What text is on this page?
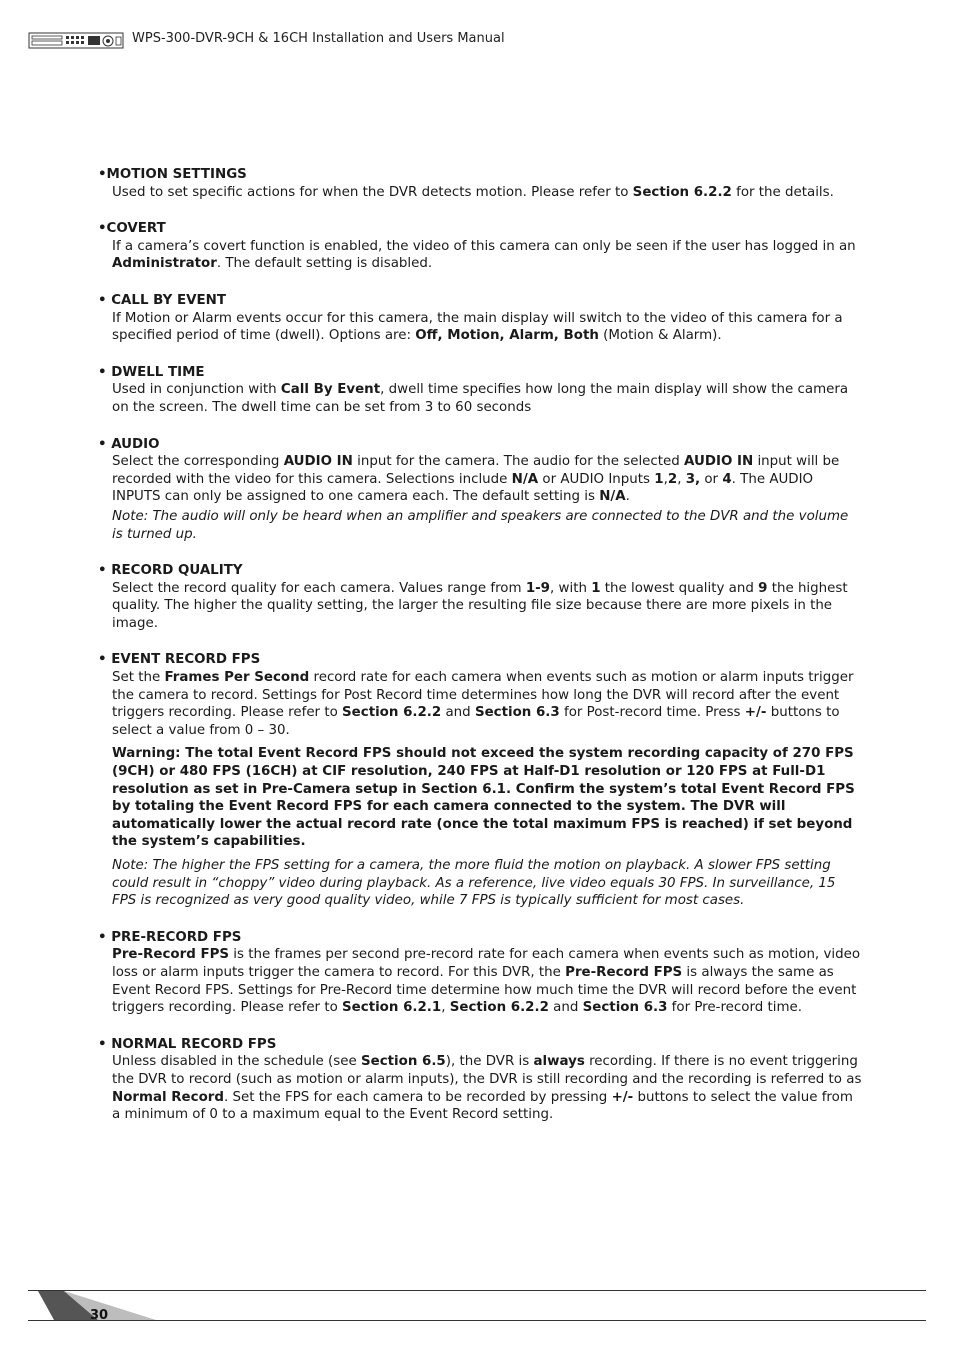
WPS-300-DVR-9CH & 16CH Installation and Users Manual
•MOTION SETTINGS

Used to set specific actions for when the DVR detects motion. Please refer to Section 6.2.2 for the details.

•COVERT

If a camera’s covert function is enabled, the video of this camera can only be seen if the user has logged in an Administrator. The default setting is disabled.

• CALL BY EVENT

If Motion or Alarm events occur for this camera, the main display will switch to the video of this camera for a specified period of time (dwell). Options are: Off, Motion, Alarm, Both (Motion & Alarm).

• DWELL TIME

Used in conjunction with Call By Event, dwell time specifies how long the main display will show the camera on the screen. The dwell time can be set from 3 to 60 seconds

• AUDIO

Select the corresponding AUDIO IN input for the camera. The audio for the selected AUDIO IN input will be recorded with the video for this camera. Selections include N/A or AUDIO Inputs 1,2, 3, or 4. The AUDIO INPUTS can only be assigned to one camera each. The default setting is N/A.

Note: The audio will only be heard when an amplifier and speakers are connected to the DVR and the volume is turned up.

• RECORD QUALITY

Select the record quality for each camera. Values range from 1-9, with 1 the lowest quality and 9 the highest quality. The higher the quality setting, the larger the resulting file size because there are more pixels in the image.

• EVENT RECORD FPS

Set the Frames Per Second record rate for each camera when events such as motion or alarm inputs trigger the camera to record. Settings for Post Record time determines how long the DVR will record after the event triggers recording. Please refer to Section 6.2.2 and Section 6.3 for Post-record time. Press +/- buttons to select a value from 0 – 30.

Warning: The total Event Record FPS should not exceed the system recording capacity of 270 FPS (9CH) or 480 FPS (16CH) at CIF resolution, 240 FPS at Half-D1 resolution or 120 FPS at Full-D1 resolution as set in Pre-Camera setup in Section 6.1. Confirm the system’s total Event Record FPS by totaling the Event Record FPS for each camera connected to the system. The DVR will automatically lower the actual record rate (once the total maximum FPS is reached) if set beyond the system’s capabilities.

Note: The higher the FPS setting for a camera, the more fluid the motion on playback. A slower FPS setting could result in “choppy” video during playback. As a reference, live video equals 30 FPS. In surveillance, 15 FPS is recognized as very good quality video, while 7 FPS is typically sufficient for most cases.

• PRE-RECORD FPS

Pre-Record FPS is the frames per second pre-record rate for each camera when events such as motion, video loss or alarm inputs trigger the camera to record. For this DVR, the Pre-Record FPS is always the same as Event Record FPS. Settings for Pre-Record time determine how much time the DVR will record before the event triggers recording. Please refer to Section 6.2.1, Section 6.2.2 and Section 6.3 for Pre-record time.

• NORMAL RECORD FPS

Unless disabled in the schedule (see Section 6.5), the DVR is always recording. If there is no event triggering the DVR to record (such as motion or alarm inputs), the DVR is still recording and the recording is referred to as Normal Record. Set the FPS for each camera to be recorded by pressing +/- buttons to select the value from a minimum of 0 to a maximum equal to the Event Record setting.

30
